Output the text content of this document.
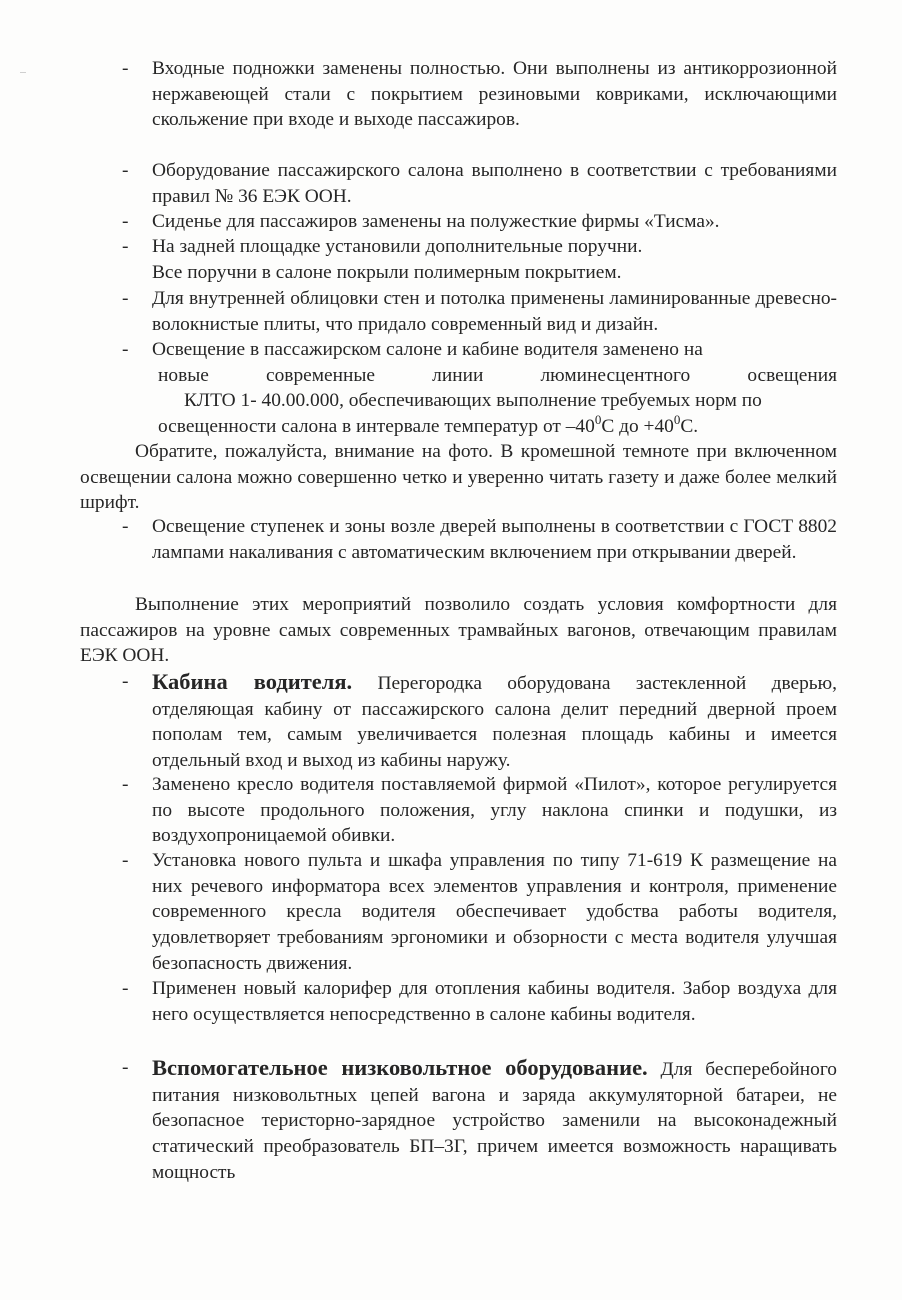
-	Входные подножки заменены полностью. Они выполнены из антикоррозионной нержавеющей стали с покрытием резиновыми ковриками, исключающими скольжение при входе и выходе пассажиров.
-	Оборудование пассажирского салона выполнено в соответствии с требованиями правил № 36 ЕЭК ООН.
-	Сиденье для пассажиров заменены на полужесткие фирмы «Тисма».
-	На задней площадке установили дополнительные поручни.
Все поручни в салоне покрыли полимерным покрытием.
-	Для внутренней облицовки стен и потолка применены ламинированные древесно-волокнистые плиты, что придало современный вид и дизайн.
-	Освещение в пассажирском салоне и кабине водителя заменено на
новые современные линии люминесцентного освещения
КЛТО 1- 40.00.000, обеспечивающих выполнение требуемых норм по
освещенности салона в интервале температур от $-40^0С$ до $+40^0С$.
Обратите, пожалуйста, внимание на фото. В кромешной темноте при включенном освещении салона можно совершенно четко и уверенно читать газету и даже более мелкий шрифт.
-	Освещение ступенек и зоны возле дверей выполнены в соответствии с ГОСТ 8802 лампами накаливания с автоматическим включением при открывании дверей.
Выполнение этих мероприятий позволило создать условия комфортности для пассажиров на уровне самых современных трамвайных вагонов, отвечающим правилам ЕЭК ООН.
-	Кабина водителя. Перегородка оборудована застекленной дверью, отделяющая кабину от пассажирского салона делит передний дверной проем пополам тем, самым увеличивается полезная площадь кабины и имеется отдельный вход и выход из кабины наружу.
-	Заменено кресло водителя поставляемой фирмой «Пилот», которое регулируется по высоте продольного положения, углу наклона спинки и подушки, из воздухопроницаемой обивки.
-	Установка нового пульта и шкафа управления по типу 71-619 К размещение на них речевого информатора всех элементов управления и контроля, применение современного кресла водителя обеспечивает удобства работы водителя, удовлетворяет требованиям эргономики и обзорности с места водителя улучшая безопасность движения.
-	Применен новый калорифер для отопления кабины водителя. Забор воздуха для него осуществляется непосредственно в салоне кабины водителя.
-	Вспомогательное низковольтное оборудование. Для бесперебойного питания низковольтных цепей вагона и заряда аккумуляторной батареи, не безопасное теристорно-зарядное устройство заменили на высоконадежный статический преобразователь БП–3Г, причем имеется возможность наращивать мощность
